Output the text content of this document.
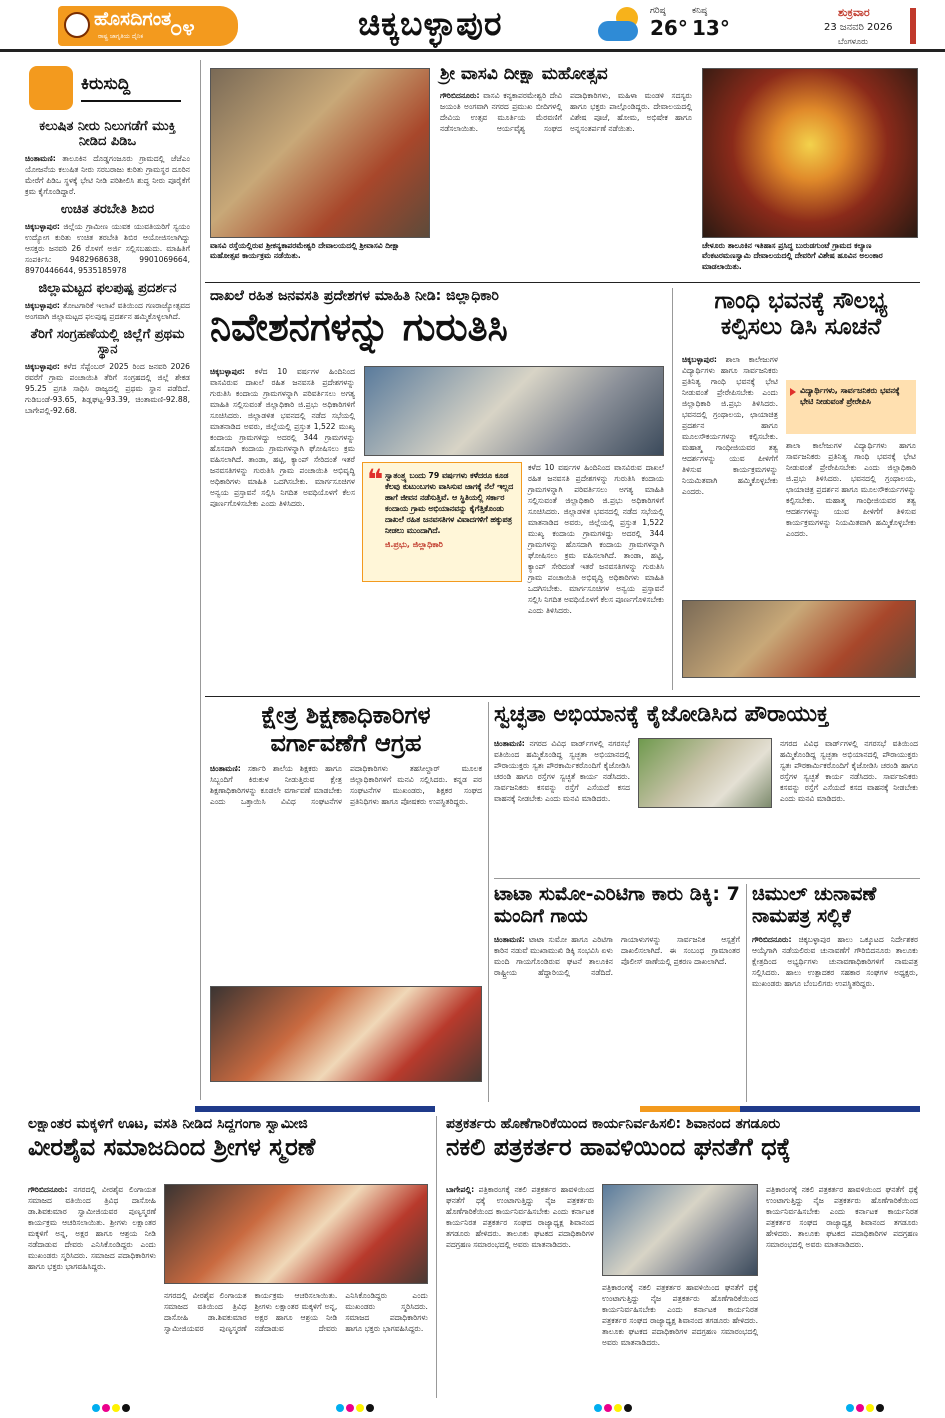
ಹೊಸದಿಗಂತ
ರಾಷ್ಟ್ರ ಜಾಗೃತಿಯ ದೈನಿಕ ೦೪	ಚಿಕ್ಕಬಳ್ಳಾಪುರ	ಗರಿಷ್ಠ
26°
ಕನಿಷ್ಠ
13°
ಶುಕ್ರವಾರ
23 ಜನವರಿ 2026
ಬೆಂಗಳೂರು
ಕಿರುಸುದ್ದಿ
ಕಲುಷಿತ ನೀರು ನಿಲುಗಡೆಗೆ ಮುಕ್ತಿ ನೀಡಿದ ಪಿಡಿಒ

ಚಿಂತಾಮಣಿ: ತಾಲೂಕಿನ ದೊಡ್ಡಗಂಜೂರು ಗ್ರಾಮದಲ್ಲಿ ಜೆಜೆಎಂ ಯೋಜನೆಯ ಕಲುಷಿತ ನೀರು ಸರಬರಾಜು ಕುರಿತು ಗ್ರಾಮಸ್ಥರ ದೂರಿನ ಮೇರೆಗೆ ಪಿಡಿಒ ಸ್ಥಳಕ್ಕೆ ಭೇಟಿ ನೀಡಿ ಪರಿಶೀಲಿಸಿ ಶುದ್ಧ ನೀರು ಪೂರೈಕೆಗೆ ಕ್ರಮ ಕೈಗೊಂಡಿದ್ದಾರೆ.

ಉಚಿತ ತರಬೇತಿ ಶಿಬಿರ

ಚಿಕ್ಕಬಳ್ಳಾಪುರ: ಜಿಲ್ಲೆಯ ಗ್ರಾಮೀಣ ಯುವಕ ಯುವತಿಯರಿಗೆ ಸ್ವಯಂ ಉದ್ಯೋಗ ಕುರಿತು ಉಚಿತ ತರಬೇತಿ ಶಿಬಿರ ಆಯೋಜಿಸಲಾಗಿದ್ದು ಆಸಕ್ತರು ಜನವರಿ 26 ರೊಳಗೆ ಅರ್ಜಿ ಸಲ್ಲಿಸಬಹುದು. ಮಾಹಿತಿಗೆ ಸಂಪರ್ಕಿಸಿ: 9482968638, 9901069664, 8970446644, 9535185978

ಜಿಲ್ಲಾಮಟ್ಟದ ಫಲಪುಷ್ಪ ಪ್ರದರ್ಶನ

ಚಿಕ್ಕಬಳ್ಳಾಪುರ: ತೋಟಗಾರಿಕೆ ಇಲಾಖೆ ವತಿಯಿಂದ ಗಣರಾಜ್ಯೋತ್ಸವದ ಅಂಗವಾಗಿ ಜಿಲ್ಲಾಮಟ್ಟದ ಫಲಪುಷ್ಪ ಪ್ರದರ್ಶನ ಹಮ್ಮಿಕೊಳ್ಳಲಾಗಿದೆ.

ತೆರಿಗೆ ಸಂಗ್ರಹಣೆಯಲ್ಲಿ ಜಿಲ್ಲೆಗೆ ಪ್ರಥಮ ಸ್ಥಾನ

ಚಿಕ್ಕಬಳ್ಳಾಪುರ: ಕಳೆದ ಸೆಪ್ಟೆಂಬರ್ 2025 ರಿಂದ ಜನವರಿ 2026 ರವರೆಗೆ ಗ್ರಾಮ ಪಂಚಾಯಿತಿ ತೆರಿಗೆ ಸಂಗ್ರಹದಲ್ಲಿ ಜಿಲ್ಲೆ ಶೇಕಡ 95.25 ಪ್ರಗತಿ ಸಾಧಿಸಿ ರಾಜ್ಯದಲ್ಲಿ ಪ್ರಥಮ ಸ್ಥಾನ ಪಡೆದಿದೆ. ಗುಡಿಬಂಡೆ-93.65, ಶಿಡ್ಲಘಟ್ಟ-93.39, ಚಿಂತಾಮಣಿ-92.88, ಬಾಗೇಪಲ್ಲಿ-92.68.

ವಾಸವಿ ರಸ್ತೆಯಲ್ಲಿರುವ ಶ್ರೀಕನ್ಯಕಾಪರಮೇಶ್ವರಿ ದೇವಾಲಯದಲ್ಲಿ ಶ್ರೀವಾಸವಿ ದೀಕ್ಷಾ ಮಹೋತ್ಸವ ಕಾರ್ಯಕ್ರಮ ನಡೆಯಿತು.
ಶ್ರೀ ವಾಸವಿ ದೀಕ್ಷಾ ಮಹೋತ್ಸವ

ಗೌರಿಬಿದನೂರು: ವಾಸವಿ ಕನ್ಯಕಾಪರಮೇಶ್ವರಿ ದೇವಿ ಜಯಂತಿ ಅಂಗವಾಗಿ ನಗರದ ಪ್ರಮುಖ ಬೀದಿಗಳಲ್ಲಿ ದೇವಿಯ ಉತ್ಸವ ಮೂರ್ತಿಯ ಮೆರವಣಿಗೆ ನಡೆಸಲಾಯಿತು. ಆರ್ಯವೈಶ್ಯ ಸಂಘದ ಪದಾಧಿಕಾರಿಗಳು, ಮಹಿಳಾ ಮಂಡಳಿ ಸದಸ್ಯರು ಹಾಗೂ ಭಕ್ತರು ಪಾಲ್ಗೊಂಡಿದ್ದರು. ದೇವಾಲಯದಲ್ಲಿ ವಿಶೇಷ ಪೂಜೆ, ಹೋಮ, ಅಭಿಷೇಕ ಹಾಗೂ ಅನ್ನಸಂತರ್ಪಣೆ ನಡೆಯಿತು.

ಚೇಳೂರು ತಾಲೂಕಿನ ಇತಿಹಾಸ ಪ್ರಸಿದ್ಧ ಬುರುಡಗುಂಟೆ ಗ್ರಾಮದ ಕಲ್ಯಾಣ ವೆಂಕಟರಮಣಸ್ವಾಮಿ ದೇವಾಲಯದಲ್ಲಿ ದೇವರಿಗೆ ವಿಶೇಷ ಹೂವಿನ ಅಲಂಕಾರ ಮಾಡಲಾಯಿತು.
ದಾಖಲೆ ರಹಿತ ಜನವಸತಿ ಪ್ರದೇಶಗಳ ಮಾಹಿತಿ ನೀಡಿ: ಜಿಲ್ಲಾಧಿಕಾರಿ
ನಿವೇಶನಗಳನ್ನು ಗುರುತಿಸಿ

ಚಿಕ್ಕಬಳ್ಳಾಪುರ: ಕಳೆದ 10 ವರ್ಷಗಳ ಹಿಂದಿನಿಂದ ವಾಸವಿರುವ ದಾಖಲೆ ರಹಿತ ಜನವಸತಿ ಪ್ರದೇಶಗಳನ್ನು ಗುರುತಿಸಿ ಕಂದಾಯ ಗ್ರಾಮಗಳನ್ನಾಗಿ ಪರಿವರ್ತಿಸಲು ಅಗತ್ಯ ಮಾಹಿತಿ ಸಲ್ಲಿಸುವಂತೆ ಜಿಲ್ಲಾಧಿಕಾರಿ ಜಿ.ಪ್ರಭು ಅಧಿಕಾರಿಗಳಿಗೆ ಸೂಚಿಸಿದರು. ಜಿಲ್ಲಾಡಳಿತ ಭವನದಲ್ಲಿ ನಡೆದ ಸಭೆಯಲ್ಲಿ ಮಾತನಾಡಿದ ಅವರು, ಜಿಲ್ಲೆಯಲ್ಲಿ ಪ್ರಸ್ತುತ 1,522 ಮುಖ್ಯ ಕಂದಾಯ ಗ್ರಾಮಗಳಿದ್ದು ಅದರಲ್ಲಿ 344 ಗ್ರಾಮಗಳನ್ನು ಹೊಸದಾಗಿ ಕಂದಾಯ ಗ್ರಾಮಗಳನ್ನಾಗಿ ಘೋಷಿಸಲು ಕ್ರಮ ವಹಿಸಲಾಗಿದೆ. ತಾಂಡಾ, ಹಟ್ಟಿ, ಕ್ಯಾಂಪ್ ಸೇರಿದಂತೆ ಇತರೆ ಜನವಸತಿಗಳನ್ನು ಗುರುತಿಸಿ ಗ್ರಾಮ ಪಂಚಾಯಿತಿ ಅಭಿವೃದ್ಧಿ ಅಧಿಕಾರಿಗಳು ಮಾಹಿತಿ ಒದಗಿಸಬೇಕು. ಮಾರ್ಗಸೂಚಿಗಳ ಅನ್ವಯ ಪ್ರಸ್ತಾವನೆ ಸಲ್ಲಿಸಿ ನಿಗದಿತ ಅವಧಿಯೊಳಗೆ ಕೆಲಸ ಪೂರ್ಣಗೊಳಿಸಬೇಕು ಎಂದು ತಿಳಿಸಿದರು.

❝ ಸ್ವಾತಂತ್ರ್ಯ ಬಂದು 79 ವರ್ಷಗಳು ಕಳೆದರೂ ಕೂಡ ಕೆಲವು ಕುಟುಂಬಗಳು ವಾಸಿಸುವ ಜಾಗಕ್ಕೆ ನೆಲೆ ಇಲ್ಲದ ಹಾಗೆ ಜೀವನ ನಡೆಸುತ್ತಿವೆ. ಆ ಸ್ಥಿತಿಯಲ್ಲಿ ಸರ್ಕಾರ ಕಂದಾಯ ಗ್ರಾಮ ಅಭಿಯಾನವನ್ನು ಕೈಗೆತ್ತಿಕೊಂಡು ದಾಖಲೆ ರಹಿತ ಜನವಸತಿಗಳ ವಿವಾದಗಳಿಗೆ ಹಕ್ಕುಪತ್ರ ನೀಡಲು ಮುಂದಾಗಿದೆ.
ಜಿ.ಪ್ರಭು, ಜಿಲ್ಲಾಧಿಕಾರಿ

ಕಳೆದ 10 ವರ್ಷಗಳ ಹಿಂದಿನಿಂದ ವಾಸವಿರುವ ದಾಖಲೆ ರಹಿತ ಜನವಸತಿ ಪ್ರದೇಶಗಳನ್ನು ಗುರುತಿಸಿ ಕಂದಾಯ ಗ್ರಾಮಗಳನ್ನಾಗಿ ಪರಿವರ್ತಿಸಲು ಅಗತ್ಯ ಮಾಹಿತಿ ಸಲ್ಲಿಸುವಂತೆ ಜಿಲ್ಲಾಧಿಕಾರಿ ಜಿ.ಪ್ರಭು ಅಧಿಕಾರಿಗಳಿಗೆ ಸೂಚಿಸಿದರು. ಜಿಲ್ಲಾಡಳಿತ ಭವನದಲ್ಲಿ ನಡೆದ ಸಭೆಯಲ್ಲಿ ಮಾತನಾಡಿದ ಅವರು, ಜಿಲ್ಲೆಯಲ್ಲಿ ಪ್ರಸ್ತುತ 1,522 ಮುಖ್ಯ ಕಂದಾಯ ಗ್ರಾಮಗಳಿದ್ದು ಅದರಲ್ಲಿ 344 ಗ್ರಾಮಗಳನ್ನು ಹೊಸದಾಗಿ ಕಂದಾಯ ಗ್ರಾಮಗಳನ್ನಾಗಿ ಘೋಷಿಸಲು ಕ್ರಮ ವಹಿಸಲಾಗಿದೆ. ತಾಂಡಾ, ಹಟ್ಟಿ, ಕ್ಯಾಂಪ್ ಸೇರಿದಂತೆ ಇತರೆ ಜನವಸತಿಗಳನ್ನು ಗುರುತಿಸಿ ಗ್ರಾಮ ಪಂಚಾಯಿತಿ ಅಭಿವೃದ್ಧಿ ಅಧಿಕಾರಿಗಳು ಮಾಹಿತಿ ಒದಗಿಸಬೇಕು. ಮಾರ್ಗಸೂಚಿಗಳ ಅನ್ವಯ ಪ್ರಸ್ತಾವನೆ ಸಲ್ಲಿಸಿ ನಿಗದಿತ ಅವಧಿಯೊಳಗೆ ಕೆಲಸ ಪೂರ್ಣಗೊಳಿಸಬೇಕು ಎಂದು ತಿಳಿಸಿದರು.

ಗಾಂಧಿ ಭವನಕ್ಕೆ ಸೌಲಭ್ಯ ಕಲ್ಪಿಸಲು ಡಿಸಿ ಸೂಚನೆ
ವಿದ್ಯಾರ್ಥಿಗಳು, ಸಾರ್ವಜನಿಕರು ಭವನಕ್ಕೆ ಭೇಟಿ ನೀಡುವಂತೆ ಪ್ರೇರೇಪಿಸಿ

ಚಿಕ್ಕಬಳ್ಳಾಪುರ: ಶಾಲಾ ಕಾಲೇಜುಗಳ ವಿದ್ಯಾರ್ಥಿಗಳು ಹಾಗೂ ಸಾರ್ವಜನಿಕರು ಪ್ರತಿನಿತ್ಯ ಗಾಂಧಿ ಭವನಕ್ಕೆ ಭೇಟಿ ನೀಡುವಂತೆ ಪ್ರೇರೇಪಿಸಬೇಕು ಎಂದು ಜಿಲ್ಲಾಧಿಕಾರಿ ಜಿ.ಪ್ರಭು ತಿಳಿಸಿದರು. ಭವನದಲ್ಲಿ ಗ್ರಂಥಾಲಯ, ಛಾಯಾಚಿತ್ರ ಪ್ರದರ್ಶನ ಹಾಗೂ ಮೂಲಸೌಕರ್ಯಗಳನ್ನು ಕಲ್ಪಿಸಬೇಕು. ಮಹಾತ್ಮ ಗಾಂಧೀಜಿಯವರ ತತ್ವ ಆದರ್ಶಗಳನ್ನು ಯುವ ಪೀಳಿಗೆಗೆ ತಿಳಿಸುವ ಕಾರ್ಯಕ್ರಮಗಳನ್ನು ನಿಯಮಿತವಾಗಿ ಹಮ್ಮಿಕೊಳ್ಳಬೇಕು ಎಂದರು.

ಶಾಲಾ ಕಾಲೇಜುಗಳ ವಿದ್ಯಾರ್ಥಿಗಳು ಹಾಗೂ ಸಾರ್ವಜನಿಕರು ಪ್ರತಿನಿತ್ಯ ಗಾಂಧಿ ಭವನಕ್ಕೆ ಭೇಟಿ ನೀಡುವಂತೆ ಪ್ರೇರೇಪಿಸಬೇಕು ಎಂದು ಜಿಲ್ಲಾಧಿಕಾರಿ ಜಿ.ಪ್ರಭು ತಿಳಿಸಿದರು. ಭವನದಲ್ಲಿ ಗ್ರಂಥಾಲಯ, ಛಾಯಾಚಿತ್ರ ಪ್ರದರ್ಶನ ಹಾಗೂ ಮೂಲಸೌಕರ್ಯಗಳನ್ನು ಕಲ್ಪಿಸಬೇಕು. ಮಹಾತ್ಮ ಗಾಂಧೀಜಿಯವರ ತತ್ವ ಆದರ್ಶಗಳನ್ನು ಯುವ ಪೀಳಿಗೆಗೆ ತಿಳಿಸುವ ಕಾರ್ಯಕ್ರಮಗಳನ್ನು ನಿಯಮಿತವಾಗಿ ಹಮ್ಮಿಕೊಳ್ಳಬೇಕು ಎಂದರು.

ಕ್ಷೇತ್ರ ಶಿಕ್ಷಣಾಧಿಕಾರಿಗಳ ವರ್ಗಾವಣೆಗೆ ಆಗ್ರಹ

ಚಿಂತಾಮಣಿ: ಸರ್ಕಾರಿ ಶಾಲೆಯ ಶಿಕ್ಷಕರು ಹಾಗೂ ಸಿಬ್ಬಂದಿಗೆ ಕಿರುಕುಳ ನೀಡುತ್ತಿರುವ ಕ್ಷೇತ್ರ ಶಿಕ್ಷಣಾಧಿಕಾರಿಗಳನ್ನು ಕೂಡಲೇ ವರ್ಗಾವಣೆ ಮಾಡಬೇಕು ಎಂದು ಒತ್ತಾಯಿಸಿ ವಿವಿಧ ಸಂಘಟನೆಗಳ ಪದಾಧಿಕಾರಿಗಳು ತಹಸೀಲ್ದಾರ್ ಮೂಲಕ ಜಿಲ್ಲಾಧಿಕಾರಿಗಳಿಗೆ ಮನವಿ ಸಲ್ಲಿಸಿದರು. ಕನ್ನಡ ಪರ ಸಂಘಟನೆಗಳ ಮುಖಂಡರು, ಶಿಕ್ಷಕರ ಸಂಘದ ಪ್ರತಿನಿಧಿಗಳು ಹಾಗೂ ಪೋಷಕರು ಉಪಸ್ಥಿತರಿದ್ದರು.

ಸ್ವಚ್ಛತಾ ಅಭಿಯಾನಕ್ಕೆ ಕೈಜೋಡಿಸಿದ ಪೌರಾಯುಕ್ತ

ಚಿಂತಾಮಣಿ: ನಗರದ ವಿವಿಧ ವಾರ್ಡ್‌ಗಳಲ್ಲಿ ನಗರಸಭೆ ವತಿಯಿಂದ ಹಮ್ಮಿಕೊಂಡಿದ್ದ ಸ್ವಚ್ಛತಾ ಅಭಿಯಾನದಲ್ಲಿ ಪೌರಾಯುಕ್ತರು ಸ್ವತಃ ಪೌರಕಾರ್ಮಿಕರೊಂದಿಗೆ ಕೈಜೋಡಿಸಿ ಚರಂಡಿ ಹಾಗೂ ರಸ್ತೆಗಳ ಸ್ವಚ್ಛತೆ ಕಾರ್ಯ ನಡೆಸಿದರು. ಸಾರ್ವಜನಿಕರು ಕಸವನ್ನು ರಸ್ತೆಗೆ ಎಸೆಯದೆ ಕಸದ ವಾಹನಕ್ಕೆ ನೀಡಬೇಕು ಎಂದು ಮನವಿ ಮಾಡಿದರು.

ನಗರದ ವಿವಿಧ ವಾರ್ಡ್‌ಗಳಲ್ಲಿ ನಗರಸಭೆ ವತಿಯಿಂದ ಹಮ್ಮಿಕೊಂಡಿದ್ದ ಸ್ವಚ್ಛತಾ ಅಭಿಯಾನದಲ್ಲಿ ಪೌರಾಯುಕ್ತರು ಸ್ವತಃ ಪೌರಕಾರ್ಮಿಕರೊಂದಿಗೆ ಕೈಜೋಡಿಸಿ ಚರಂಡಿ ಹಾಗೂ ರಸ್ತೆಗಳ ಸ್ವಚ್ಛತೆ ಕಾರ್ಯ ನಡೆಸಿದರು. ಸಾರ್ವಜನಿಕರು ಕಸವನ್ನು ರಸ್ತೆಗೆ ಎಸೆಯದೆ ಕಸದ ವಾಹನಕ್ಕೆ ನೀಡಬೇಕು ಎಂದು ಮನವಿ ಮಾಡಿದರು.

ಟಾಟಾ ಸುಮೋ-ಎರಿಟಿಗಾ ಕಾರು ಡಿಕ್ಕಿ: 7 ಮಂದಿಗೆ ಗಾಯ

ಚಿಂತಾಮಣಿ: ಟಾಟಾ ಸುಮೋ ಹಾಗೂ ಎರಿಟಿಗಾ ಕಾರಿನ ನಡುವೆ ಮುಖಾಮುಖಿ ಡಿಕ್ಕಿ ಸಂಭವಿಸಿ ಏಳು ಮಂದಿ ಗಾಯಗೊಂಡಿರುವ ಘಟನೆ ತಾಲೂಕಿನ ರಾಷ್ಟ್ರೀಯ ಹೆದ್ದಾರಿಯಲ್ಲಿ ನಡೆದಿದೆ. ಗಾಯಾಳುಗಳನ್ನು ಸಾರ್ವಜನಿಕ ಆಸ್ಪತ್ರೆಗೆ ದಾಖಲಿಸಲಾಗಿದೆ. ಈ ಸಂಬಂಧ ಗ್ರಾಮಾಂತರ ಪೊಲೀಸ್ ಠಾಣೆಯಲ್ಲಿ ಪ್ರಕರಣ ದಾಖಲಾಗಿದೆ.

ಚಿಮುಲ್ ಚುನಾವಣೆ ನಾಮಪತ್ರ ಸಲ್ಲಿಕೆ

ಗೌರಿಬಿದನೂರು: ಚಿಕ್ಕಬಳ್ಳಾಪುರ ಹಾಲು ಒಕ್ಕೂಟದ ನಿರ್ದೇಶಕರ ಆಯ್ಕೆಗಾಗಿ ನಡೆಯಲಿರುವ ಚುನಾವಣೆಗೆ ಗೌರಿಬಿದನೂರು ತಾಲೂಕು ಕ್ಷೇತ್ರದಿಂದ ಅಭ್ಯರ್ಥಿಗಳು ಚುನಾವಣಾಧಿಕಾರಿಗಳಿಗೆ ನಾಮಪತ್ರ ಸಲ್ಲಿಸಿದರು. ಹಾಲು ಉತ್ಪಾದಕರ ಸಹಕಾರ ಸಂಘಗಳ ಅಧ್ಯಕ್ಷರು, ಮುಖಂಡರು ಹಾಗೂ ಬೆಂಬಲಿಗರು ಉಪಸ್ಥಿತರಿದ್ದರು.

ಲಕ್ಷಾಂತರ ಮಕ್ಕಳಿಗೆ ಊಟ, ವಸತಿ ನೀಡಿದ ಸಿದ್ದಗಂಗಾ ಸ್ವಾಮೀಜಿ
ವೀರಶೈವ ಸಮಾಜದಿಂದ ಶ್ರೀಗಳ ಸ್ಮರಣೆ

ಗೌರಿಬಿದನೂರು: ನಗರದಲ್ಲಿ ವೀರಶೈವ ಲಿಂಗಾಯತ ಸಮಾಜದ ವತಿಯಿಂದ ತ್ರಿವಿಧ ದಾಸೋಹಿ ಡಾ.ಶಿವಕುಮಾರ ಸ್ವಾಮೀಜಿಯವರ ಪುಣ್ಯಸ್ಮರಣೆ ಕಾರ್ಯಕ್ರಮ ಆಚರಿಸಲಾಯಿತು. ಶ್ರೀಗಳು ಲಕ್ಷಾಂತರ ಮಕ್ಕಳಿಗೆ ಅನ್ನ, ಅಕ್ಷರ ಹಾಗೂ ಆಶ್ರಯ ನೀಡಿ ನಡೆದಾಡುವ ದೇವರು ಎನಿಸಿಕೊಂಡಿದ್ದರು ಎಂದು ಮುಖಂಡರು ಸ್ಮರಿಸಿದರು. ಸಮಾಜದ ಪದಾಧಿಕಾರಿಗಳು ಹಾಗೂ ಭಕ್ತರು ಭಾಗವಹಿಸಿದ್ದರು.

ನಗರದಲ್ಲಿ ವೀರಶೈವ ಲಿಂಗಾಯತ ಸಮಾಜದ ವತಿಯಿಂದ ತ್ರಿವಿಧ ದಾಸೋಹಿ ಡಾ.ಶಿವಕುಮಾರ ಸ್ವಾಮೀಜಿಯವರ ಪುಣ್ಯಸ್ಮರಣೆ ಕಾರ್ಯಕ್ರಮ ಆಚರಿಸಲಾಯಿತು. ಶ್ರೀಗಳು ಲಕ್ಷಾಂತರ ಮಕ್ಕಳಿಗೆ ಅನ್ನ, ಅಕ್ಷರ ಹಾಗೂ ಆಶ್ರಯ ನೀಡಿ ನಡೆದಾಡುವ ದೇವರು ಎನಿಸಿಕೊಂಡಿದ್ದರು ಎಂದು ಮುಖಂಡರು ಸ್ಮರಿಸಿದರು. ಸಮಾಜದ ಪದಾಧಿಕಾರಿಗಳು ಹಾಗೂ ಭಕ್ತರು ಭಾಗವಹಿಸಿದ್ದರು.

ಪತ್ರಕರ್ತರು ಹೊಣೆಗಾರಿಕೆಯಿಂದ ಕಾರ್ಯನಿರ್ವಹಿಸಲಿ: ಶಿವಾನಂದ ತಗಡೂರು
ನಕಲಿ ಪತ್ರಕರ್ತರ ಹಾವಳಿಯಿಂದ ಘನತೆಗೆ ಧಕ್ಕೆ

ಬಾಗೇಪಲ್ಲಿ: ಪತ್ರಿಕಾರಂಗಕ್ಕೆ ನಕಲಿ ಪತ್ರಕರ್ತರ ಹಾವಳಿಯಿಂದ ಘನತೆಗೆ ಧಕ್ಕೆ ಉಂಟಾಗುತ್ತಿದ್ದು ನೈಜ ಪತ್ರಕರ್ತರು ಹೊಣೆಗಾರಿಕೆಯಿಂದ ಕಾರ್ಯನಿರ್ವಹಿಸಬೇಕು ಎಂದು ಕರ್ನಾಟಕ ಕಾರ್ಯನಿರತ ಪತ್ರಕರ್ತರ ಸಂಘದ ರಾಜ್ಯಾಧ್ಯಕ್ಷ ಶಿವಾನಂದ ತಗಡೂರು ಹೇಳಿದರು. ತಾಲೂಕು ಘಟಕದ ಪದಾಧಿಕಾರಿಗಳ ಪದಗ್ರಹಣ ಸಮಾರಂಭದಲ್ಲಿ ಅವರು ಮಾತನಾಡಿದರು.

ಪತ್ರಿಕಾರಂಗಕ್ಕೆ ನಕಲಿ ಪತ್ರಕರ್ತರ ಹಾವಳಿಯಿಂದ ಘನತೆಗೆ ಧಕ್ಕೆ ಉಂಟಾಗುತ್ತಿದ್ದು ನೈಜ ಪತ್ರಕರ್ತರು ಹೊಣೆಗಾರಿಕೆಯಿಂದ ಕಾರ್ಯನಿರ್ವಹಿಸಬೇಕು ಎಂದು ಕರ್ನಾಟಕ ಕಾರ್ಯನಿರತ ಪತ್ರಕರ್ತರ ಸಂಘದ ರಾಜ್ಯಾಧ್ಯಕ್ಷ ಶಿವಾನಂದ ತಗಡೂರು ಹೇಳಿದರು. ತಾಲೂಕು ಘಟಕದ ಪದಾಧಿಕಾರಿಗಳ ಪದಗ್ರಹಣ ಸಮಾರಂಭದಲ್ಲಿ ಅವರು ಮಾತನಾಡಿದರು.

ಪತ್ರಿಕಾರಂಗಕ್ಕೆ ನಕಲಿ ಪತ್ರಕರ್ತರ ಹಾವಳಿಯಿಂದ ಘನತೆಗೆ ಧಕ್ಕೆ ಉಂಟಾಗುತ್ತಿದ್ದು ನೈಜ ಪತ್ರಕರ್ತರು ಹೊಣೆಗಾರಿಕೆಯಿಂದ ಕಾರ್ಯನಿರ್ವಹಿಸಬೇಕು ಎಂದು ಕರ್ನಾಟಕ ಕಾರ್ಯನಿರತ ಪತ್ರಕರ್ತರ ಸಂಘದ ರಾಜ್ಯಾಧ್ಯಕ್ಷ ಶಿವಾನಂದ ತಗಡೂರು ಹೇಳಿದರು. ತಾಲೂಕು ಘಟಕದ ಪದಾಧಿಕಾರಿಗಳ ಪದಗ್ರಹಣ ಸಮಾರಂಭದಲ್ಲಿ ಅವರು ಮಾತನಾಡಿದರು.
